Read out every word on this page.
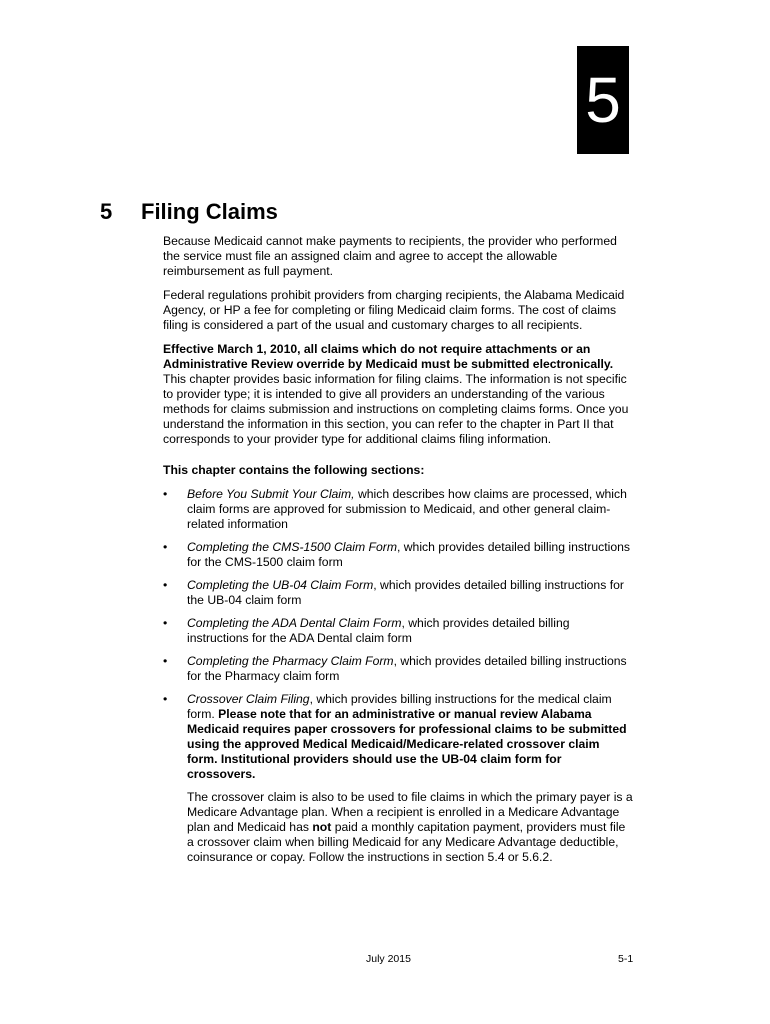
5
5 Filing Claims

Because Medicaid cannot make payments to recipients, the provider who performed the service must file an assigned claim and agree to accept the allowable reimbursement as full payment.

Federal regulations prohibit providers from charging recipients, the Alabama Medicaid Agency, or HP a fee for completing or filing Medicaid claim forms. The cost of claims filing is considered a part of the usual and customary charges to all recipients.

Effective March 1, 2010, all claims which do not require attachments or an Administrative Review override by Medicaid must be submitted electronically. This chapter provides basic information for filing claims. The information is not specific to provider type; it is intended to give all providers an understanding of the various methods for claims submission and instructions on completing claims forms. Once you understand the information in this section, you can refer to the chapter in Part II that corresponds to your provider type for additional claims filing information.

This chapter contains the following sections:

• Before You Submit Your Claim, which describes how claims are processed, which claim forms are approved for submission to Medicaid, and other general claim-related information
• Completing the CMS-1500 Claim Form, which provides detailed billing instructions for the CMS-1500 claim form
• Completing the UB-04 Claim Form, which provides detailed billing instructions for the UB-04 claim form
• Completing the ADA Dental Claim Form, which provides detailed billing instructions for the ADA Dental claim form
• Completing the Pharmacy Claim Form, which provides detailed billing instructions for the Pharmacy claim form
• Crossover Claim Filing, which provides billing instructions for the medical claim form. Please note that for an administrative or manual review Alabama Medicaid requires paper crossovers for professional claims to be submitted using the approved Medical Medicaid/Medicare-related crossover claim form. Institutional providers should use the UB-04 claim form for crossovers.

The crossover claim is also to be used to file claims in which the primary payer is a Medicare Advantage plan. When a recipient is enrolled in a Medicare Advantage plan and Medicaid has not paid a monthly capitation payment, providers must file a crossover claim when billing Medicaid for any Medicare Advantage deductible, coinsurance or copay. Follow the instructions in section 5.4 or 5.6.2.

July 2015	5-1
